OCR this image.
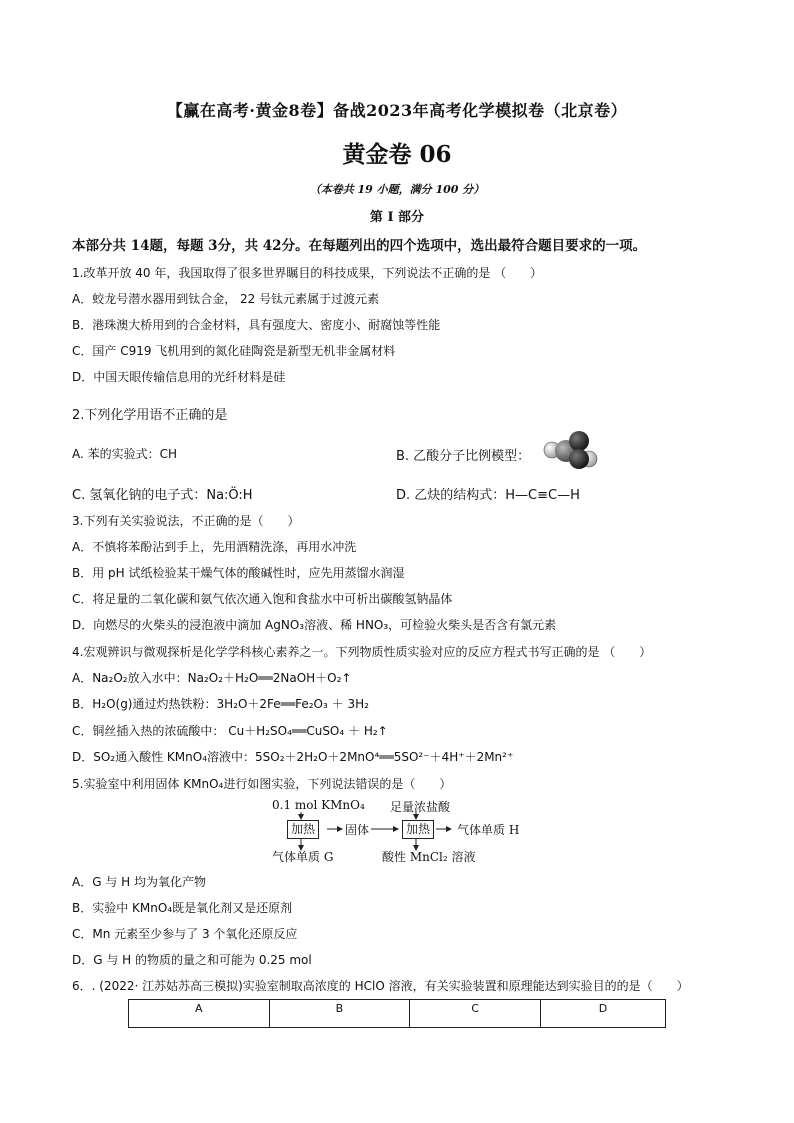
【赢在高考·黄金8卷】备战2023年高考化学模拟卷（北京卷）
黄金卷 06
（本卷共 19 小题，满分 100 分）
第 I 部分
本部分共 14题，每题 3分，共 42分。在每题列出的四个选项中，选出最符合题目要求的一项。
1.改革开放 40 年，我国取得了很多世界瞩目的科技成果，下列说法不正确的是 （　　）
A．蛟龙号潜水器用到钛合金， 22 号钛元素属于过渡元素
B．港珠澳大桥用到的合金材料，具有强度大、密度小、耐腐蚀等性能
C．国产 C919 飞机用到的氮化硅陶瓷是新型无机非金属材料
D．中国天眼传输信息用的光纤材料是硅
2.下列化学用语不正确的是
A. 苯的实验式：CH	B. 乙酸分子比例模型：
C. 氢氧化钠的电子式：Na:Ö:H	D. 乙炔的结构式：H—C≡C—H
3.下列有关实验说法，不正确的是（　　）
A．不慎将苯酚沾到手上，先用酒精洗涤，再用水冲洗
B．用 pH 试纸检验某干燥气体的酸碱性时，应先用蒸馏水润湿
C．将足量的二氧化碳和氨气依次通入饱和食盐水中可析出碳酸氢钠晶体
D．向燃尽的火柴头的浸泡液中滴加 AgNO₃溶液、稀 HNO₃，可检验火柴头是否含有氯元素
4.宏观辨识与微观探析是化学学科核心素养之一。下列物质性质实验对应的反应方程式书写正确的是 （　　）
A．Na₂O₂放入水中：Na₂O₂＋H₂O══2NaOH＋O₂↑
B．H₂O(g)通过灼热铁粉：3H₂O＋2Fe══Fe₂O₃ ＋ 3H₂
C．铜丝插入热的浓硫酸中： Cu＋H₂SO₄══CuSO₄ ＋ H₂↑
D．SO₂通入酸性 KMnO₄溶液中：5SO₂＋2H₂O＋2MnO⁴══5SO²⁻＋4H⁺＋2Mn²⁺
5.实验室中利用固体 KMnO₄进行如图实验，下列说法错误的是（　　）
0.1 mol KMnO₄ 足量浓盐酸
加热	固体	加热	气体单质 H
气体单质 G	酸性 MnCl₂ 溶液
A．G 与 H 均为氧化产物
B．实验中 KMnO₄既是氧化剂又是还原剂
C．Mn 元素至少参与了 3 个氧化还原反应
D．G 与 H 的物质的量之和可能为 0.25 mol
6．. (2022· 江苏姑苏高三模拟)实验室制取高浓度的 HClO 溶液，有关实验装置和原理能达到实验目的的是（　　）
A	B	C	D
